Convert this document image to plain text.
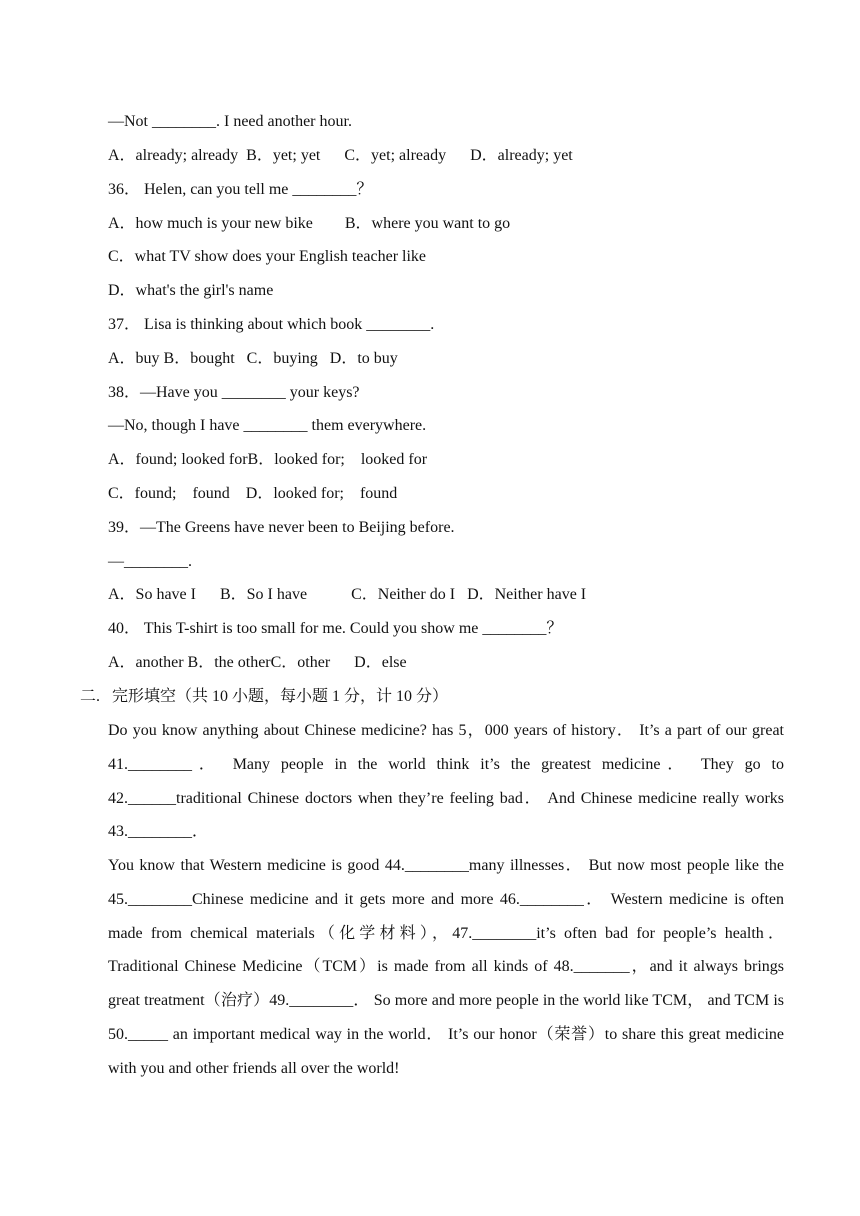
—Not ________. I need another hour.
A．already; already  B．yet; yet      C．yet; already      D．already; yet
36． Helen, can you tell me ________？
A．how much is your new bike        B．where you want to go
C．what TV show does your English teacher like
D．what's the girl's name
37． Lisa is thinking about which book ________.
A．buy B．bought   C．buying   D．to buy
38．—Have you ________ your keys?
—No, though I have ________ them everywhere.
A．found; looked forB．looked for;    looked for
C．found;    found    D．looked for;    found
39．—The Greens have never been to Beijing before.
—________.
A．So have I      B．So I have           C．Neither do I   D．Neither have I
40． This T-shirt is too small for me. Could you show me ________？
A．another B．the otherC．other      D．else
二.   完形填空（共 10 小题，每小题 1 分，计 10 分）
Do you know anything about Chinese medicine? has 5，000 years of history． It’s a part of our great 41.________． Many people in the world think it’s the greatest medicine． They go to 42.______traditional Chinese doctors when they’re feeling bad． And Chinese medicine really works 43.________．
You know that Western medicine is good 44.________many illnesses． But now most people like the 45.________Chinese medicine and it gets more and more 46.________． Western medicine is often made from chemical materials（化学材料），47.________it’s often bad for people’s health． Traditional Chinese Medicine（TCM）is made from all kinds of 48._______，and it always brings great treatment（治疗）49.________． So more and more people in the world like TCM， and TCM is 50._____ an important medical way in the world． It’s our honor（荣誉）to share this great medicine with you and other friends all over the world!
